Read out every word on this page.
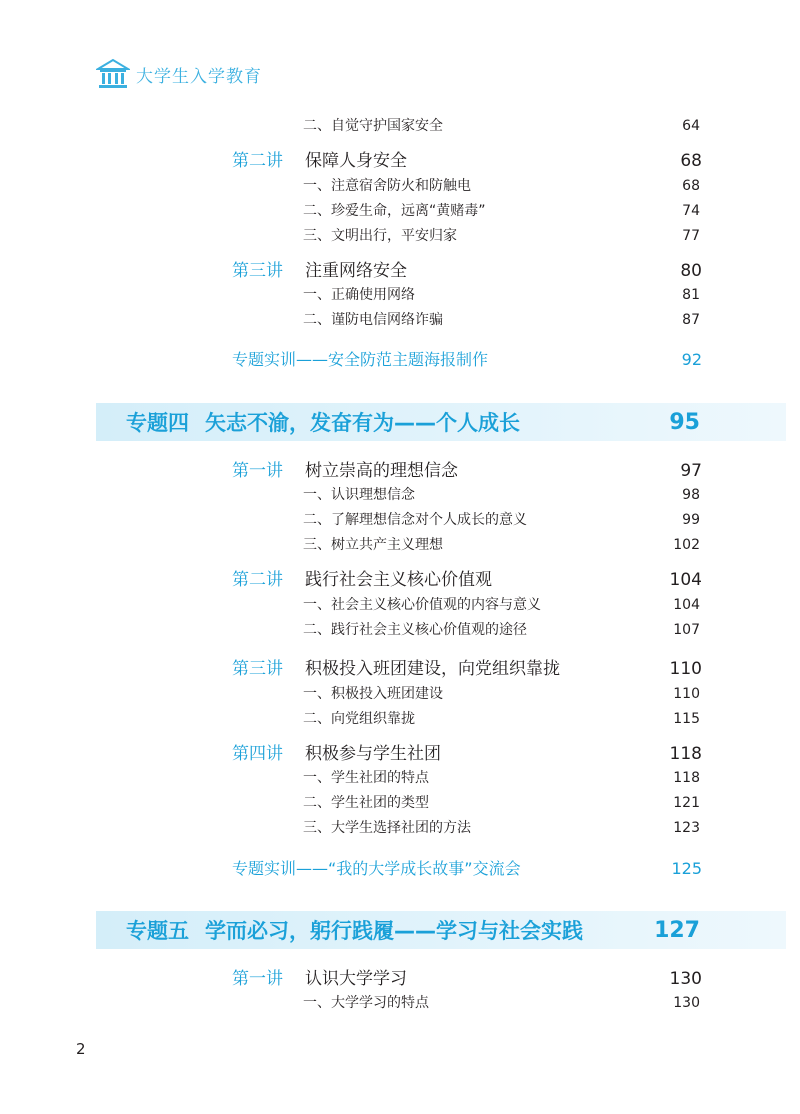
大学生入学教育
二、自觉守护国家安全	64
第二讲 保障人身安全	68
一、注意宿舍防火和防触电	68
二、珍爱生命，远离“黄赌毒”	74
三、文明出行，平安归家	77
第三讲 注重网络安全	80
一、正确使用网络	81
二、谨防电信网络诈骗	87
专题实训——安全防范主题海报制作	92
专题四 矢志不渝，发奋有为——个人成长	95
第一讲 树立崇高的理想信念	97
一、认识理想信念	98
二、了解理想信念对个人成长的意义	99
三、树立共产主义理想	102
第二讲 践行社会主义核心价值观	104
一、社会主义核心价值观的内容与意义	104
二、践行社会主义核心价值观的途径	107
第三讲 积极投入班团建设，向党组织靠拢	110
一、积极投入班团建设	110
二、向党组织靠拢	115
第四讲 积极参与学生社团	118
一、学生社团的特点	118
二、学生社团的类型	121
三、大学生选择社团的方法	123
专题实训——“我的大学成长故事”交流会	125
专题五 学而必习，躬行践履——学习与社会实践	127
第一讲 认识大学学习	130
一、大学学习的特点	130
2
